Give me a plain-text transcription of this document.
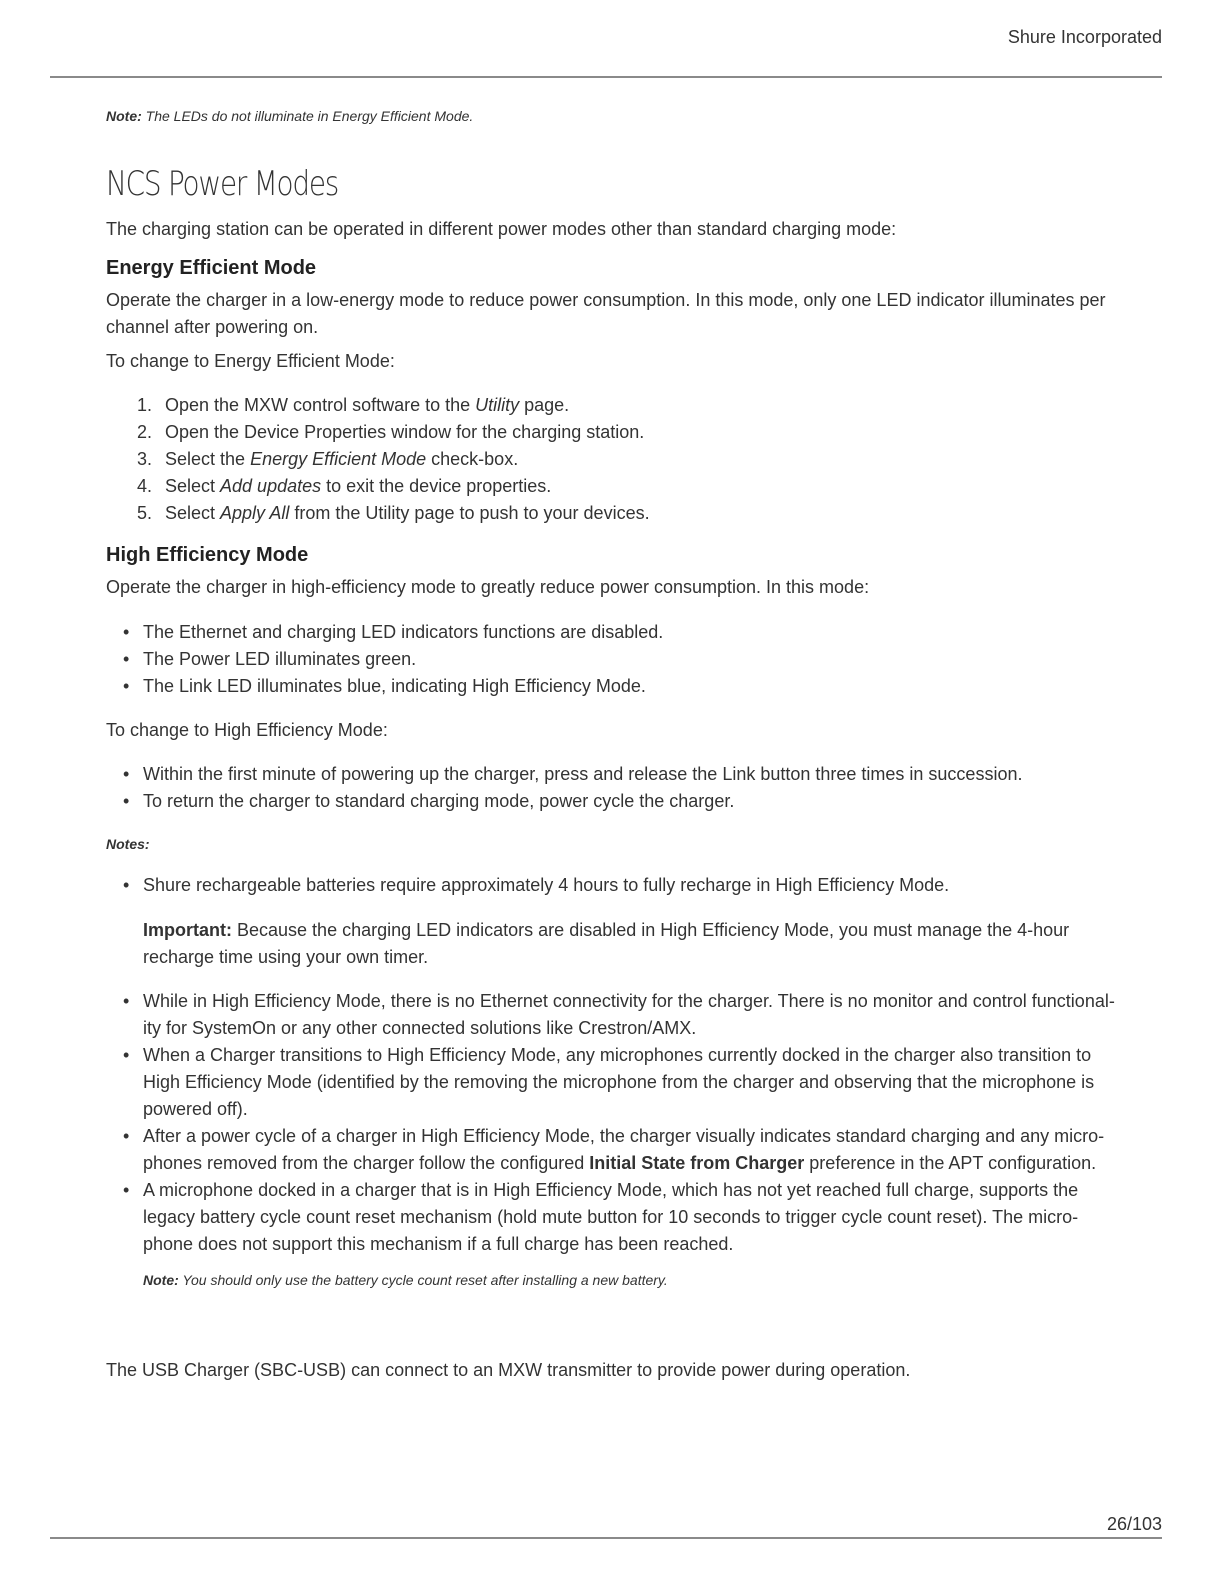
Shure Incorporated
Note: The LEDs do not illuminate in Energy Efficient Mode.
NCS Power Modes
The charging station can be operated in different power modes other than standard charging mode:
Energy Efficient Mode
Operate the charger in a low-energy mode to reduce power consumption. In this mode, only one LED indicator illuminates per
channel after powering on.
To change to Energy Efficient Mode:
1. Open the MXW control software to the Utility page.
2. Open the Device Properties window for the charging station.
3. Select the Energy Efficient Mode check-box.
4. Select Add updates to exit the device properties.
5. Select Apply All from the Utility page to push to your devices.
High Efficiency Mode
Operate the charger in high-efficiency mode to greatly reduce power consumption. In this mode:
• The Ethernet and charging LED indicators functions are disabled.
• The Power LED illuminates green.
• The Link LED illuminates blue, indicating High Efficiency Mode.
To change to High Efficiency Mode:
• Within the first minute of powering up the charger, press and release the Link button three times in succession.
• To return the charger to standard charging mode, power cycle the charger.
Notes:
• Shure rechargeable batteries require approximately 4 hours to fully recharge in High Efficiency Mode.
Important: Because the charging LED indicators are disabled in High Efficiency Mode, you must manage the 4-hour
recharge time using your own timer.
• While in High Efficiency Mode, there is no Ethernet connectivity for the charger. There is no monitor and control functional-
ity for SystemOn or any other connected solutions like Crestron/AMX.
• When a Charger transitions to High Efficiency Mode, any microphones currently docked in the charger also transition to
High Efficiency Mode (identified by the removing the microphone from the charger and observing that the microphone is
powered off).
• After a power cycle of a charger in High Efficiency Mode, the charger visually indicates standard charging and any micro-
phones removed from the charger follow the configured Initial State from Charger preference in the APT configuration.
• A microphone docked in a charger that is in High Efficiency Mode, which has not yet reached full charge, supports the
legacy battery cycle count reset mechanism (hold mute button for 10 seconds to trigger cycle count reset). The micro-
phone does not support this mechanism if a full charge has been reached.
Note: You should only use the battery cycle count reset after installing a new battery.
The USB Charger (SBC-USB) can connect to an MXW transmitter to provide power during operation.
26/103
